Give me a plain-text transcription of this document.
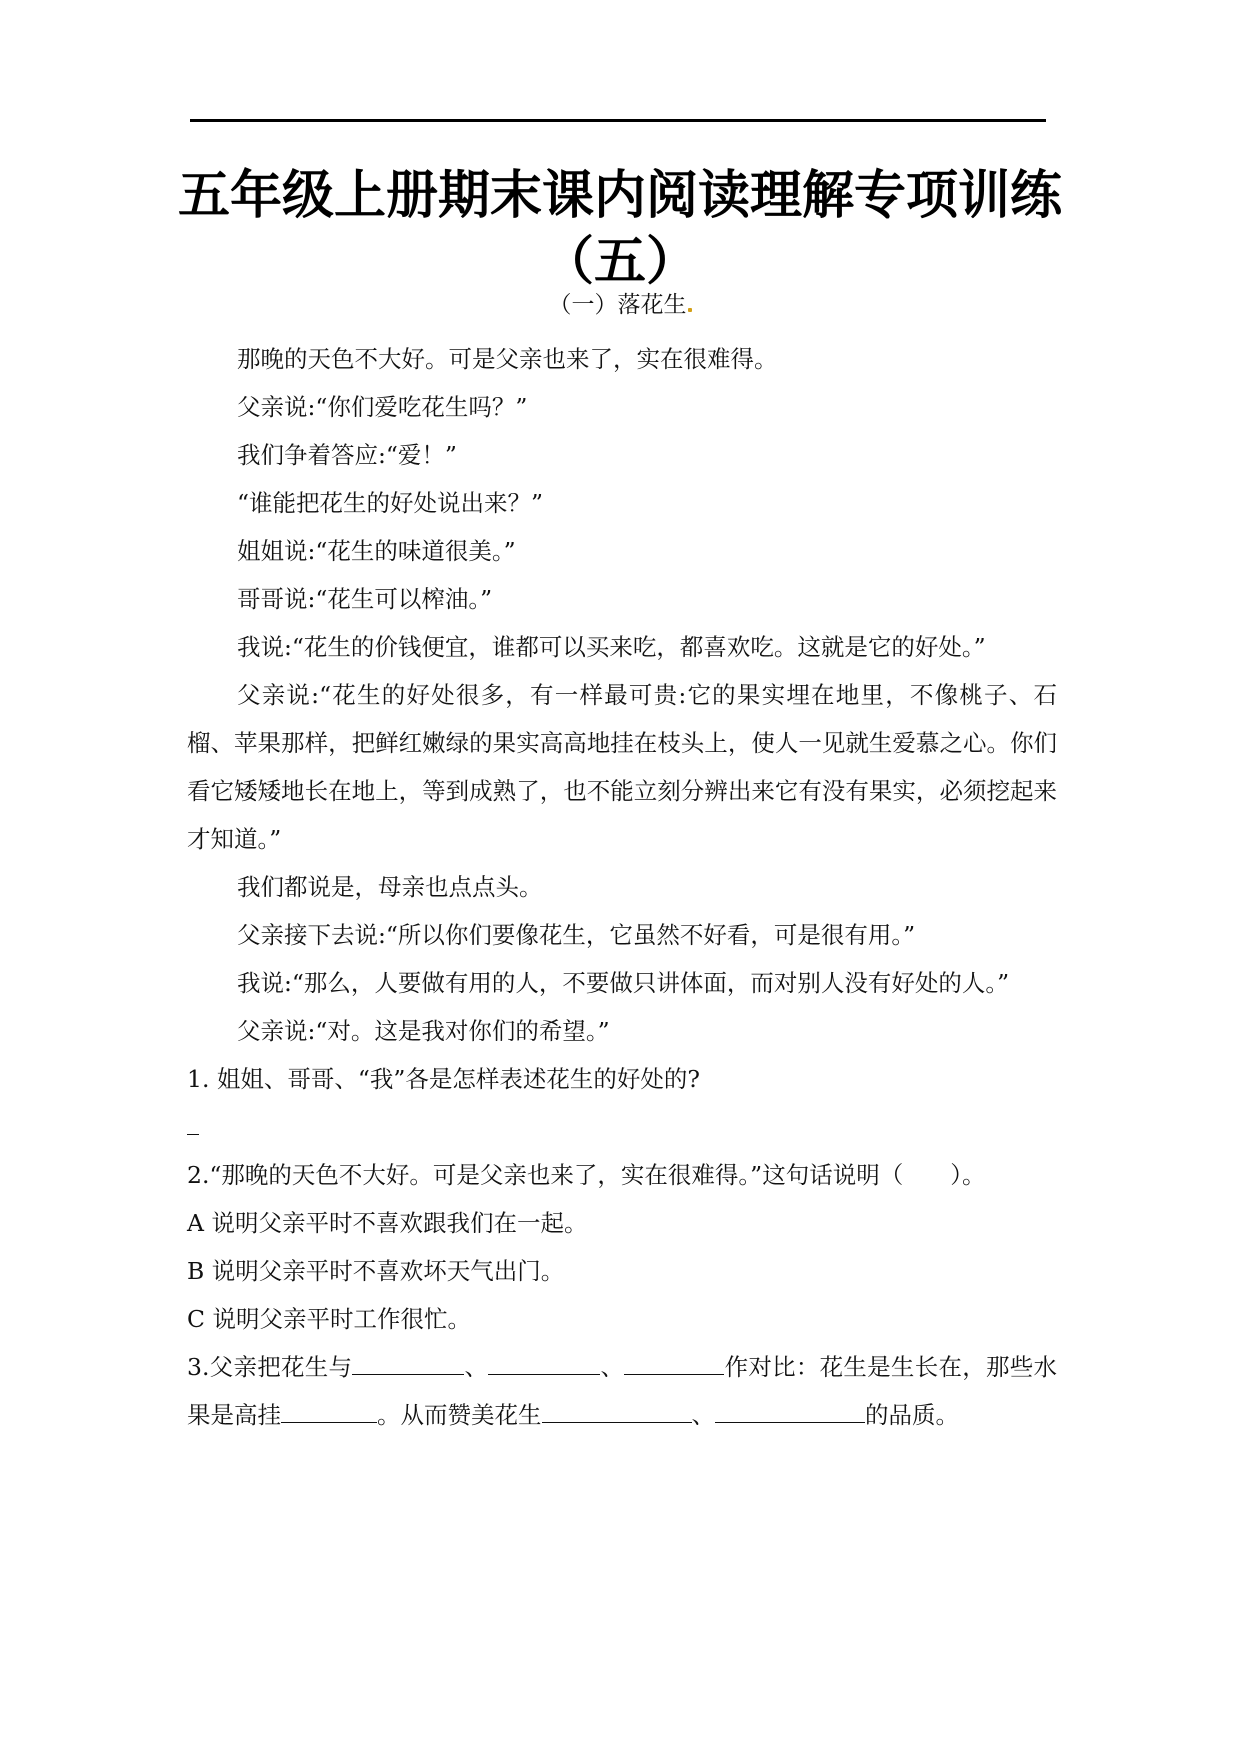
五年级上册期末课内阅读理解专项训练
（五）
（一）落花生

那晚的天色不大好。可是父亲也来了，实在很难得。

父亲说:“你们爱吃花生吗？”

我们争着答应:“爱！”

“谁能把花生的好处说出来？”

姐姐说:“花生的味道很美。”

哥哥说:“花生可以榨油。”

我说:“花生的价钱便宜，谁都可以买来吃，都喜欢吃。这就是它的好处。”

父亲说:“花生的好处很多，有一样最可贵:它的果实埋在地里，不像桃子、石榴、苹果那样，把鲜红嫩绿的果实高高地挂在枝头上，使人一见就生爱慕之心。你们看它矮矮地长在地上，等到成熟了，也不能立刻分辨出来它有没有果实，必须挖起来才知道。”

我们都说是，母亲也点点头。

父亲接下去说:“所以你们要像花生，它虽然不好看，可是很有用。”

我说:“那么，人要做有用的人，不要做只讲体面，而对别人没有好处的人。”

父亲说:“对。这是我对你们的希望。”

1. 姐姐、哥哥、“我”各是怎样表述花生的好处的?

2.“那晚的天色不大好。可是父亲也来了，实在很难得。”这句话说明（　　）。

A 说明父亲平时不喜欢跟我们在一起。

B 说明父亲平时不喜欢坏天气出门。

C 说明父亲平时工作很忙。

3.父亲把花生与	、	、	作对比：花生是生长在，那些水果是高挂	。从而赞美花生	、	的品质。
